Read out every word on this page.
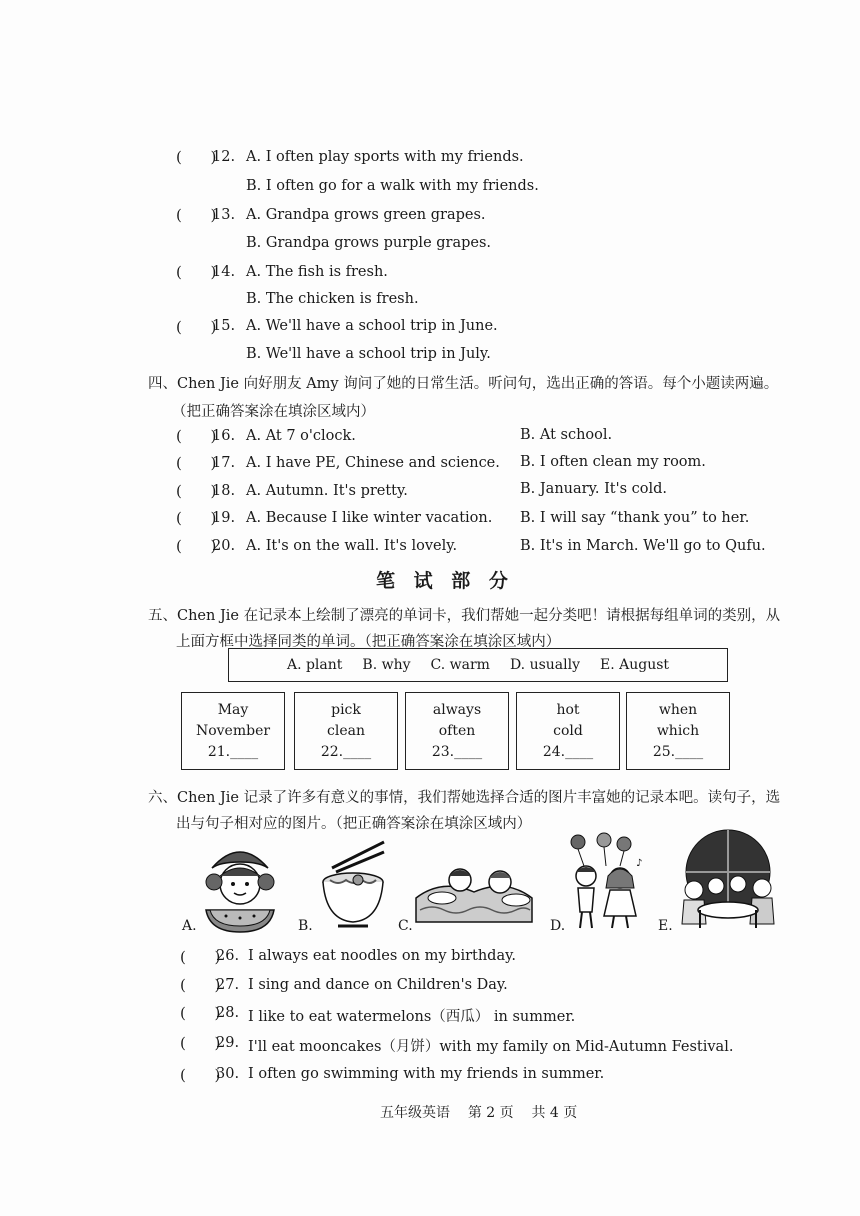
(      )
12. A. I often play sports with my friends.
B. I often go for a walk with my friends.
(      )
13. A. Grandpa grows green grapes.
B. Grandpa grows purple grapes.
(      )
14. A. The fish is fresh.
B. The chicken is fresh.
(      )
15. A. We'll have a school trip in June.
B. We'll have a school trip in July.
四、Chen Jie 向好朋友 Amy 询问了她的日常生活。听问句，选出正确的答语。每个小题读两遍。
（把正确答案涂在填涂区域内）
(      )
16. A. At 7 o'clock.	B. At school.
(      )
17. A. I have PE, Chinese and science. B. I often clean my room.
(      )
18. A. Autumn. It's pretty.	B. January. It's cold.
(      )
19. A. Because I like winter vacation. B. I will say “thank you” to her.
(      )
20. A. It's on the wall. It's lovely.	B. It's in March. We'll go to Qufu.
笔 试 部 分
五、Chen Jie 在记录本上绘制了漂亮的单词卡，我们帮她一起分类吧！请根据每组单词的类别，从
上面方框中选择同类的单词。（把正确答案涂在填涂区域内）
A. plant B. why C. warm D. usually E. August
May
November
21.____
pick
clean
22.____
always
often
23.____
hot
cold
24.____
when
which
25.____
六、Chen Jie 记录了许多有意义的事情，我们帮她选择合适的图片丰富她的记录本吧。读句子，选
出与句子相对应的图片。（把正确答案涂在填涂区域内）
A.	B.	C.	D.
♪
E.
(      )
26. I always eat noodles on my birthday.
(      )
27. I sing and dance on Children's Day.
(      )
28. I like to eat watermelons（西瓜） in summer.
(      )
29. I'll eat mooncakes（月饼）with my family on Mid-Autumn Festival.
(      )
30. I often go swimming with my friends in summer.
五年级英语 第 2 页 共 4 页
